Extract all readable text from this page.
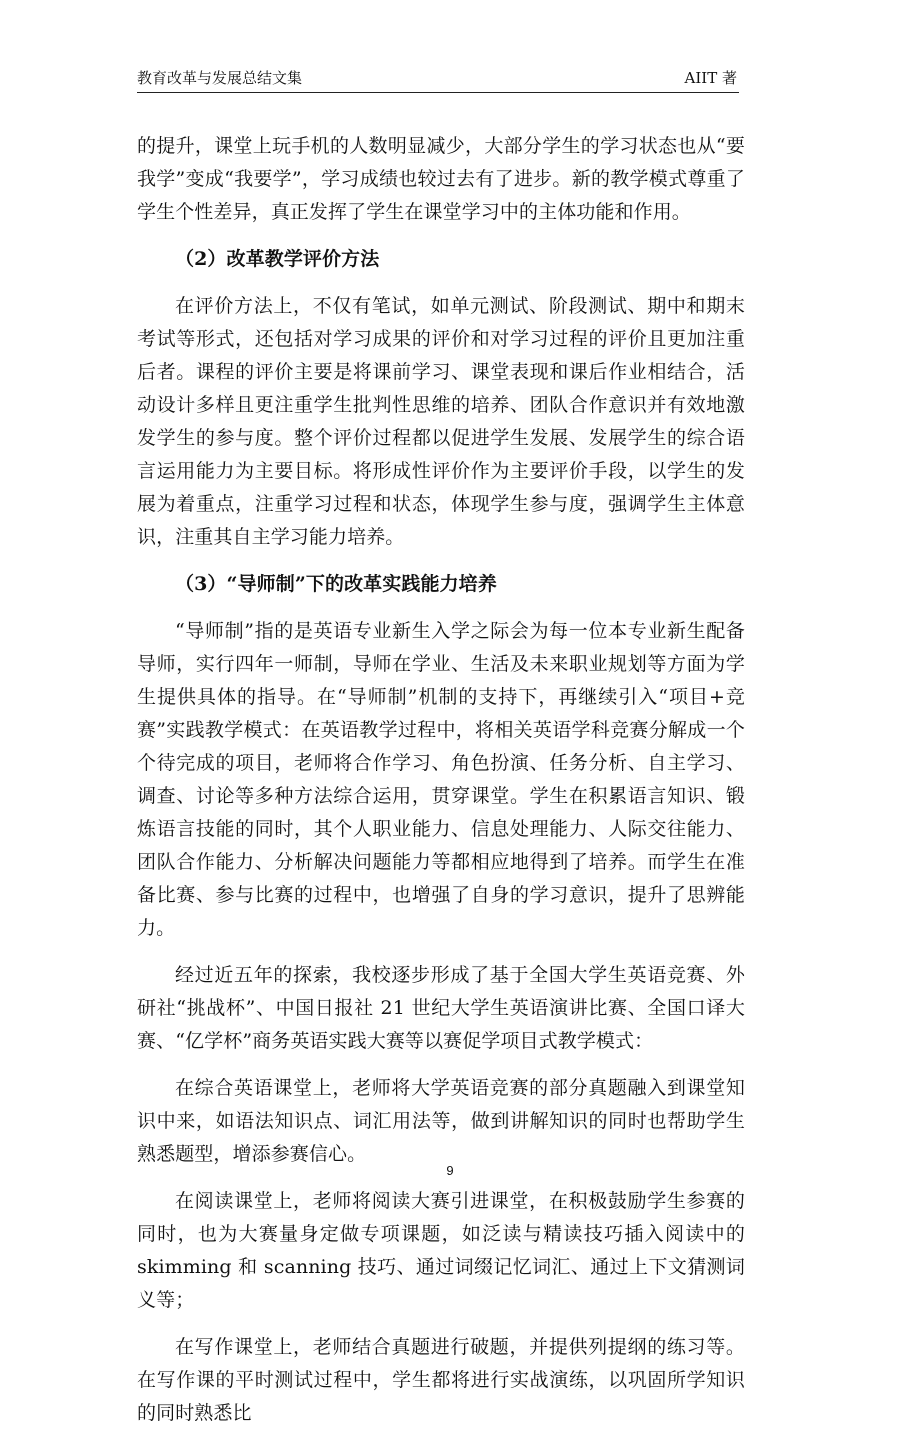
教育改革与发展总结文集	AIIT 著

的提升，课堂上玩手机的人数明显减少，大部分学生的学习状态也从“要我学”变成“我要学”，学习成绩也较过去有了进步。新的教学模式尊重了学生个性差异，真正发挥了学生在课堂学习中的主体功能和作用。

（2）改革教学评价方法

在评价方法上，不仅有笔试，如单元测试、阶段测试、期中和期末考试等形式，还包括对学习成果的评价和对学习过程的评价且更加注重后者。课程的评价主要是将课前学习、课堂表现和课后作业相结合，活动设计多样且更注重学生批判性思维的培养、团队合作意识并有效地激发学生的参与度。整个评价过程都以促进学生发展、发展学生的综合语言运用能力为主要目标。将形成性评价作为主要评价手段，以学生的发展为着重点，注重学习过程和状态，体现学生参与度，强调学生主体意识，注重其自主学习能力培养。

（3）“导师制”下的改革实践能力培养

“导师制”指的是英语专业新生入学之际会为每一位本专业新生配备导师，实行四年一师制，导师在学业、生活及未来职业规划等方面为学生提供具体的指导。在“导师制”机制的支持下，再继续引入“项目+竞赛”实践教学模式：在英语教学过程中，将相关英语学科竞赛分解成一个个待完成的项目，老师将合作学习、角色扮演、任务分析、自主学习、调查、讨论等多种方法综合运用，贯穿课堂。学生在积累语言知识、锻炼语言技能的同时，其个人职业能力、信息处理能力、人际交往能力、团队合作能力、分析解决问题能力等都相应地得到了培养。而学生在准备比赛、参与比赛的过程中，也增强了自身的学习意识，提升了思辨能力。

经过近五年的探索，我校逐步形成了基于全国大学生英语竞赛、外研社“挑战杯”、中国日报社 21 世纪大学生英语演讲比赛、全国口译大赛、“亿学杯”商务英语实践大赛等以赛促学项目式教学模式：

在综合英语课堂上，老师将大学英语竞赛的部分真题融入到课堂知识中来，如语法知识点、词汇用法等，做到讲解知识的同时也帮助学生熟悉题型，增添参赛信心。

在阅读课堂上，老师将阅读大赛引进课堂，在积极鼓励学生参赛的同时，也为大赛量身定做专项课题，如泛读与精读技巧插入阅读中的 skimming 和 scanning 技巧、通过词缀记忆词汇、通过上下文猜测词义等；

在写作课堂上，老师结合真题进行破题，并提供列提纲的练习等。在写作课的平时测试过程中，学生都将进行实战演练，以巩固所学知识的同时熟悉比

9
